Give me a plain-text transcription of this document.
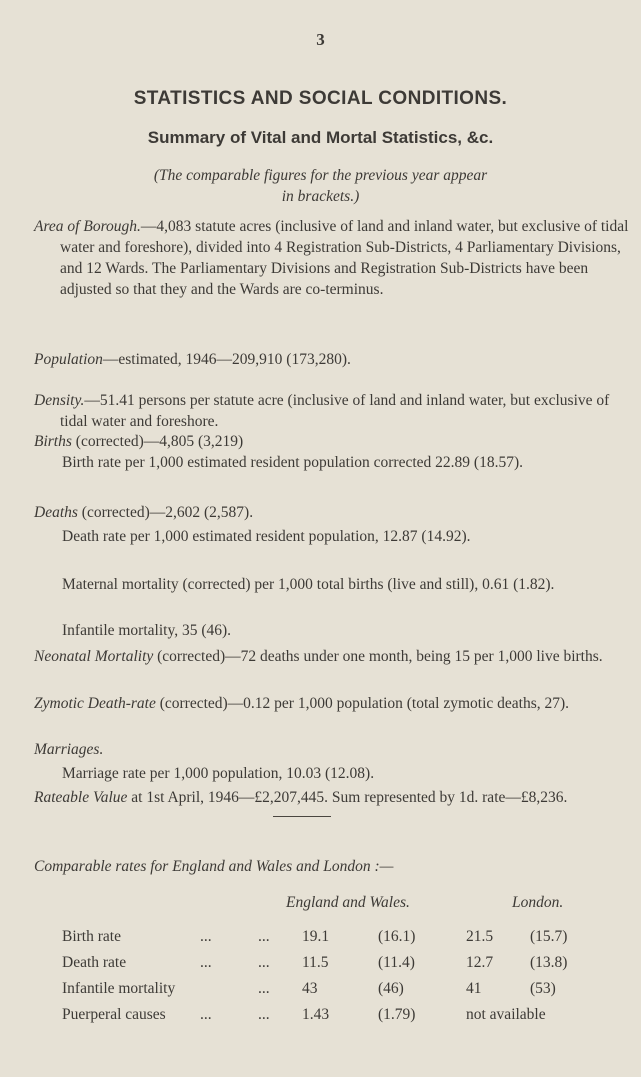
3
STATISTICS AND SOCIAL CONDITIONS.
Summary of Vital and Mortal Statistics, &c.
(The comparable figures for the previous year appear
in brackets.)
Area of Borough.—4,083 statute acres (inclusive of land and inland water, but exclusive of tidal water and foreshore), divided into 4 Registration Sub-Districts, 4 Parliamentary Divisions, and 12 Wards. The Parliamentary Divisions and Registration Sub-Districts have been adjusted so that they and the Wards are co-terminus.
Population—estimated, 1946—209,910 (173,280).
Density.—51.41 persons per statute acre (inclusive of land and inland water, but exclusive of tidal water and foreshore.
Births (corrected)—4,805 (3,219)
Birth rate per 1,000 estimated resident population corrected 22.89 (18.57).
Deaths (corrected)—2,602 (2,587).
Death rate per 1,000 estimated resident population, 12.87 (14.92).
Maternal mortality (corrected) per 1,000 total births (live and still), 0.61 (1.82).
Infantile mortality, 35 (46).
Neonatal Mortality (corrected)—72 deaths under one month, being 15 per 1,000 live births.
Zymotic Death-rate (corrected)—0.12 per 1,000 population (total zymotic deaths, 27).
Marriages.
Marriage rate per 1,000 population, 10.03 (12.08).
Rateable Value at 1st April, 1946—£2,207,445. Sum represented by 1d. rate—£8,236.
Comparable rates for England and Wales and London :—
England and Wales.	London.
Birth rate	...	... 19.1	(16.1)	21.5 (15.7)
Death rate	...	... 11.5	(11.4)	12.7 (13.8)
Infantile mortality	... 43	(46)	41	(53)
Puerperal causes ...	... 1.43	(1.79)	not available
